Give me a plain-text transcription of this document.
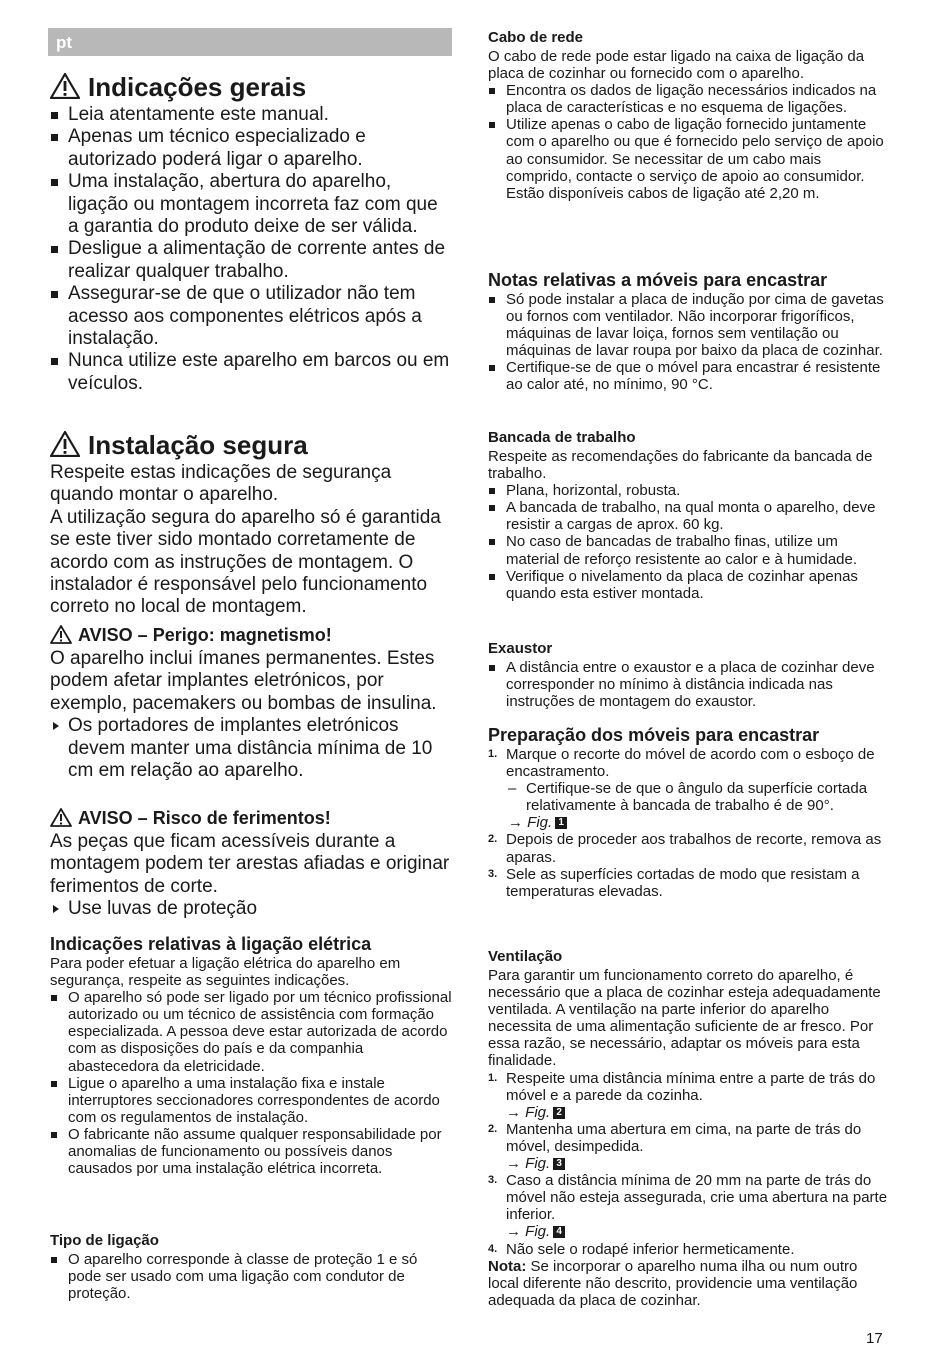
pt
Indicações gerais
Leia atentamente este manual.
Apenas um técnico especializado e autorizado poderá ligar o aparelho.
Uma instalação, abertura do aparelho, ligação ou montagem incorreta faz com que a garantia do produto deixe de ser válida.
Desligue a alimentação de corrente antes de realizar qualquer trabalho.
Assegurar-se de que o utilizador não tem acesso aos componentes elétricos após a instalação.
Nunca utilize este aparelho em barcos ou em veículos.
Instalação segura
Respeite estas indicações de segurança quando montar o aparelho.
A utilização segura do aparelho só é garantida se este tiver sido montado corretamente de acordo com as instruções de montagem. O instalador é responsável pelo funcionamento correto no local de montagem.
AVISO – Perigo: magnetismo!
O aparelho inclui ímanes permanentes. Estes podem afetar implantes eletrónicos, por exemplo, pacemakers ou bombas de insulina.
Os portadores de implantes eletrónicos devem manter uma distância mínima de 10 cm em relação ao aparelho.
AVISO – Risco de ferimentos!
As peças que ficam acessíveis durante a montagem podem ter arestas afiadas e originar ferimentos de corte.
Use luvas de proteção
Indicações relativas à ligação elétrica
Para poder efetuar a ligação elétrica do aparelho em segurança, respeite as seguintes indicações.
O aparelho só pode ser ligado por um técnico profissional autorizado ou um técnico de assistência com formação especializada. A pessoa deve estar autorizada de acordo com as disposições do país e da companhia abastecedora da eletricidade.
Ligue o aparelho a uma instalação fixa e instale interruptores seccionadores correspondentes de acordo com os regulamentos de instalação.
O fabricante não assume qualquer responsabilidade por anomalias de funcionamento ou possíveis danos causados por uma instalação elétrica incorreta.
Tipo de ligação
O aparelho corresponde à classe de proteção 1 e só pode ser usado com uma ligação com condutor de proteção.
Cabo de rede
O cabo de rede pode estar ligado na caixa de ligação da placa de cozinhar ou fornecido com o aparelho.
Encontra os dados de ligação necessários indicados na placa de características e no esquema de ligações.
Utilize apenas o cabo de ligação fornecido juntamente com o aparelho ou que é fornecido pelo serviço de apoio ao consumidor. Se necessitar de um cabo mais comprido, contacte o serviço de apoio ao consumidor. Estão disponíveis cabos de ligação até 2,20 m.
Notas relativas a móveis para encastrar
Só pode instalar a placa de indução por cima de gavetas ou fornos com ventilador. Não incorporar frigoríficos, máquinas de lavar loiça, fornos sem ventilação ou máquinas de lavar roupa por baixo da placa de cozinhar.
Certifique-se de que o móvel para encastrar é resistente ao calor até, no mínimo, 90 °C.
Bancada de trabalho
Respeite as recomendações do fabricante da bancada de trabalho.
Plana, horizontal, robusta.
A bancada de trabalho, na qual monta o aparelho, deve resistir a cargas de aprox. 60 kg.
No caso de bancadas de trabalho finas, utilize um material de reforço resistente ao calor e à humidade.
Verifique o nivelamento da placa de cozinhar apenas quando esta estiver montada.
Exaustor
A distância entre o exaustor e a placa de cozinhar deve corresponder no mínimo à distância indicada nas instruções de montagem do exaustor.
Preparação dos móveis para encastrar
1. Marque o recorte do móvel de acordo com o esboço de encastramento.
– Certifique-se de que o ângulo da superfície cortada relativamente à bancada de trabalho é de 90°.
→ Fig. 1
2. Depois de proceder aos trabalhos de recorte, remova as aparas.
3. Sele as superfícies cortadas de modo que resistam a temperaturas elevadas.
Ventilação
Para garantir um funcionamento correto do aparelho, é necessário que a placa de cozinhar esteja adequadamente ventilada. A ventilação na parte inferior do aparelho necessita de uma alimentação suficiente de ar fresco. Por essa razão, se necessário, adaptar os móveis para esta finalidade.
1. Respeite uma distância mínima entre a parte de trás do móvel e a parede da cozinha.
→ Fig. 2
2. Mantenha uma abertura em cima, na parte de trás do móvel, desimpedida.
→ Fig. 3
3. Caso a distância mínima de 20 mm na parte de trás do móvel não esteja assegurada, crie uma abertura na parte inferior.
→ Fig. 4
4. Não sele o rodapé inferior hermeticamente.
Nota: Se incorporar o aparelho numa ilha ou num outro local diferente não descrito, providencie uma ventilação adequada da placa de cozinhar.
17
